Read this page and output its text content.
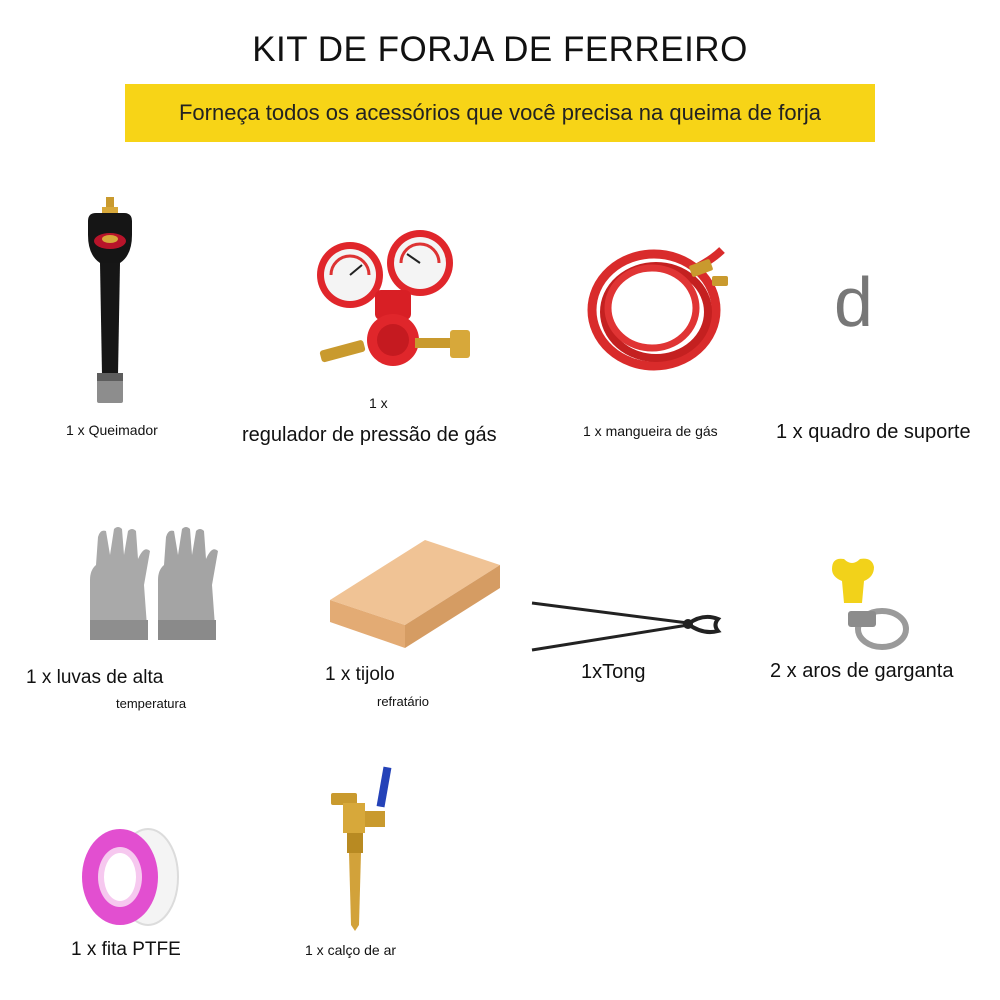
KIT DE FORJA DE FERREIRO
Forneça todos os acessórios que você precisa na queima de forja
1 x Queimador
1 x
regulador de pressão de gás	1 x mangueira de gás
d
1 x quadro de suporte
1 x luvas de alta
temperatura
1 x tijolo
refratário
1xTong	2 x aros de garganta
1 x fita PTFE	1 x calço de ar
